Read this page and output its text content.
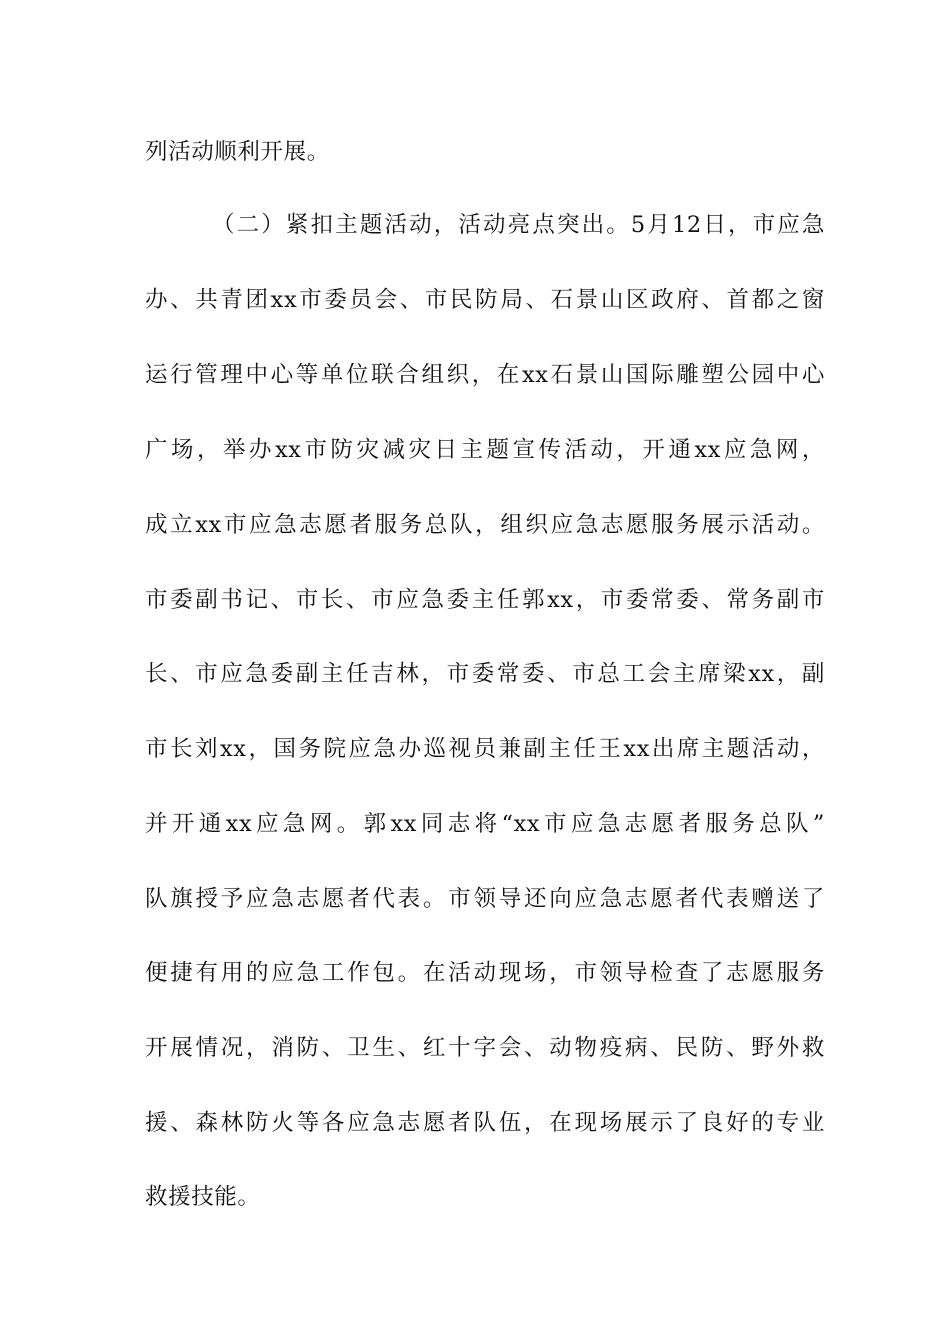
列活动顺利开展。
（二）紧扣主题活动，活动亮点突出。5月12日，市应急
办、共青团xx市委员会、市民防局、石景山区政府、首都之窗
运行管理中心等单位联合组织，在xx石景山国际雕塑公园中心
广场，举办xx市防灾减灾日主题宣传活动，开通xx应急网，
成立xx市应急志愿者服务总队，组织应急志愿服务展示活动。
市委副书记、市长、市应急委主任郭xx，市委常委、常务副市
长、市应急委副主任吉林，市委常委、市总工会主席梁xx，副
市长刘xx，国务院应急办巡视员兼副主任王xx出席主题活动，
并开通xx应急网。郭xx同志将“xx市应急志愿者服务总队”
队旗授予应急志愿者代表。市领导还向应急志愿者代表赠送了
便捷有用的应急工作包。在活动现场，市领导检查了志愿服务
开展情况，消防、卫生、红十字会、动物疫病、民防、野外救
援、森林防火等各应急志愿者队伍，在现场展示了良好的专业
救援技能。
